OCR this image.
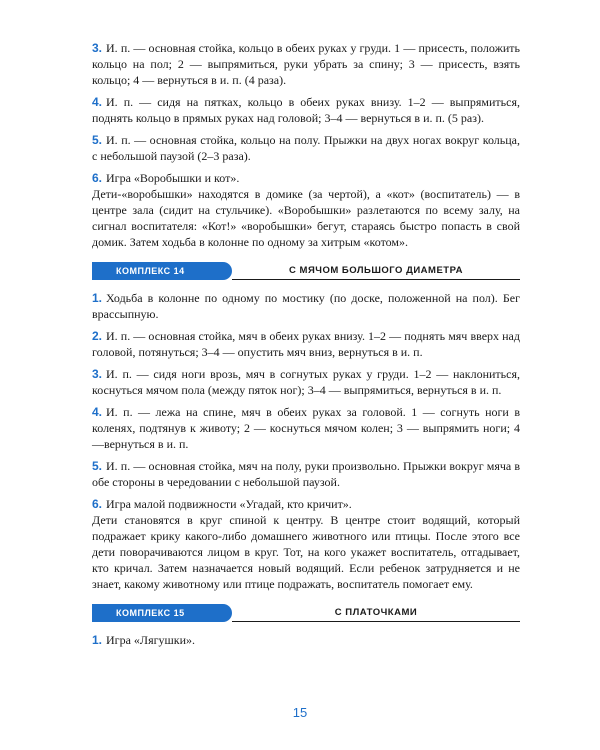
3. И. п. — основная стойка, кольцо в обеих руках у груди. 1 — присесть, положить кольцо на пол; 2 — выпрямиться, руки убрать за спину; 3 — присесть, взять кольцо; 4 — вернуться в и. п. (4 раза).

4. И. п. — сидя на пятках, кольцо в обеих руках внизу. 1–2 — выпрямиться, поднять кольцо в прямых руках над головой; 3–4 — вернуться в и. п. (5 раз).

5. И. п. — основная стойка, кольцо на полу. Прыжки на двух ногах вокруг кольца, с небольшой паузой (2–3 раза).

6. Игра «Воробышки и кот».

Дети-«воробышки» находятся в домике (за чертой), а «кот» (воспитатель) — в центре зала (сидит на стульчике). «Воробышки» разлетаются по всему залу, на сигнал воспитателя: «Кот!» «воробышки» бегут, стараясь быстро попасть в свой домик. Затем ходьба в колонне по одному за хитрым «котом».

КОМПЛЕКС 14	С МЯЧОМ БОЛЬШОГО ДИАМЕТРА

1. Ходьба в колонне по одному по мостику (по доске, положенной на пол). Бег врассыпную.

2. И. п. — основная стойка, мяч в обеих руках внизу. 1–2 — поднять мяч вверх над головой, потянуться; 3–4 — опустить мяч вниз, вернуться в и. п.

3. И. п. — сидя ноги врозь, мяч в согнутых руках у груди. 1–2 — наклониться, коснуться мячом пола (между пяток ног); 3–4 — выпрямиться, вернуться в и. п.

4. И. п. — лежа на спине, мяч в обеих руках за головой. 1 — согнуть ноги в коленях, подтянув к животу; 2 — коснуться мячом колен; 3 — выпрямить ноги; 4 —вернуться в и. п.

5. И. п. — основная стойка, мяч на полу, руки произвольно. Прыжки вокруг мяча в обе стороны в чередовании с небольшой паузой.

6. Игра малой подвижности «Угадай, кто кричит».

Дети становятся в круг спиной к центру. В центре стоит водящий, который подражает крику какого-либо домашнего животного или птицы. После этого все дети поворачиваются лицом в круг. Тот, на кого укажет воспитатель, отгадывает, кто кричал. Затем назначается новый водящий. Если ребенок затрудняется и не знает, какому животному или птице подражать, воспитатель помогает ему.

КОМПЛЕКС 15	С ПЛАТОЧКАМИ

1. Игра «Лягушки».

15
